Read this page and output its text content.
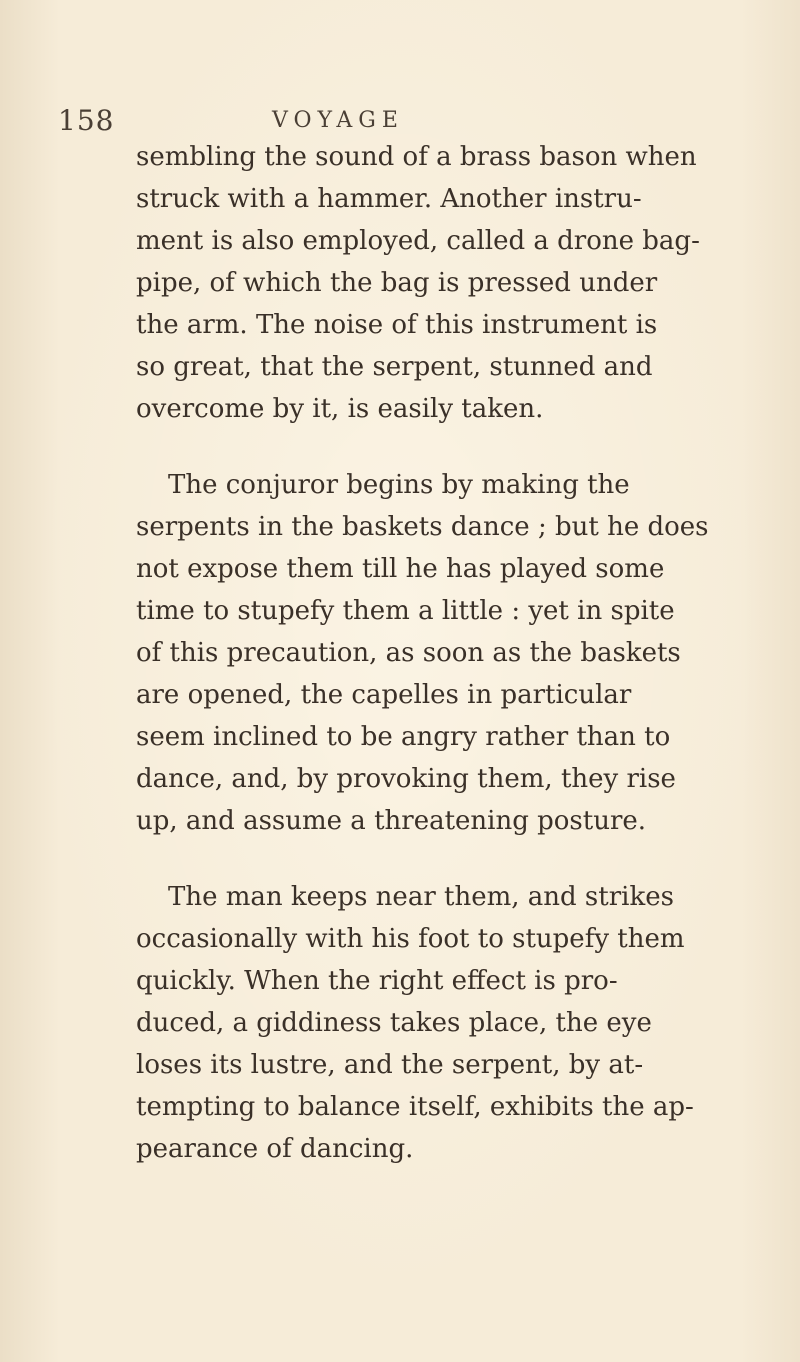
158	VOYAGE
sembling the sound of a brass bason when
struck with a hammer. Another instru-
ment is also employed, called a drone bag-
pipe, of which the bag is pressed under
the arm. The noise of this instrument is
so great, that the serpent, stunned and
overcome by it, is easily taken.
The conjuror begins by making the
serpents in the baskets dance ; but he does
not expose them till he has played some
time to stupefy them a little : yet in spite
of this precaution, as soon as the baskets
are opened, the capelles in particular
seem inclined to be angry rather than to
dance, and, by provoking them, they rise
up, and assume a threatening posture.
The man keeps near them, and strikes
occasionally with his foot to stupefy them
quickly. When the right effect is pro-
duced, a giddiness takes place, the eye
loses its lustre, and the serpent, by at-
tempting to balance itself, exhibits the ap-
pearance of dancing.
